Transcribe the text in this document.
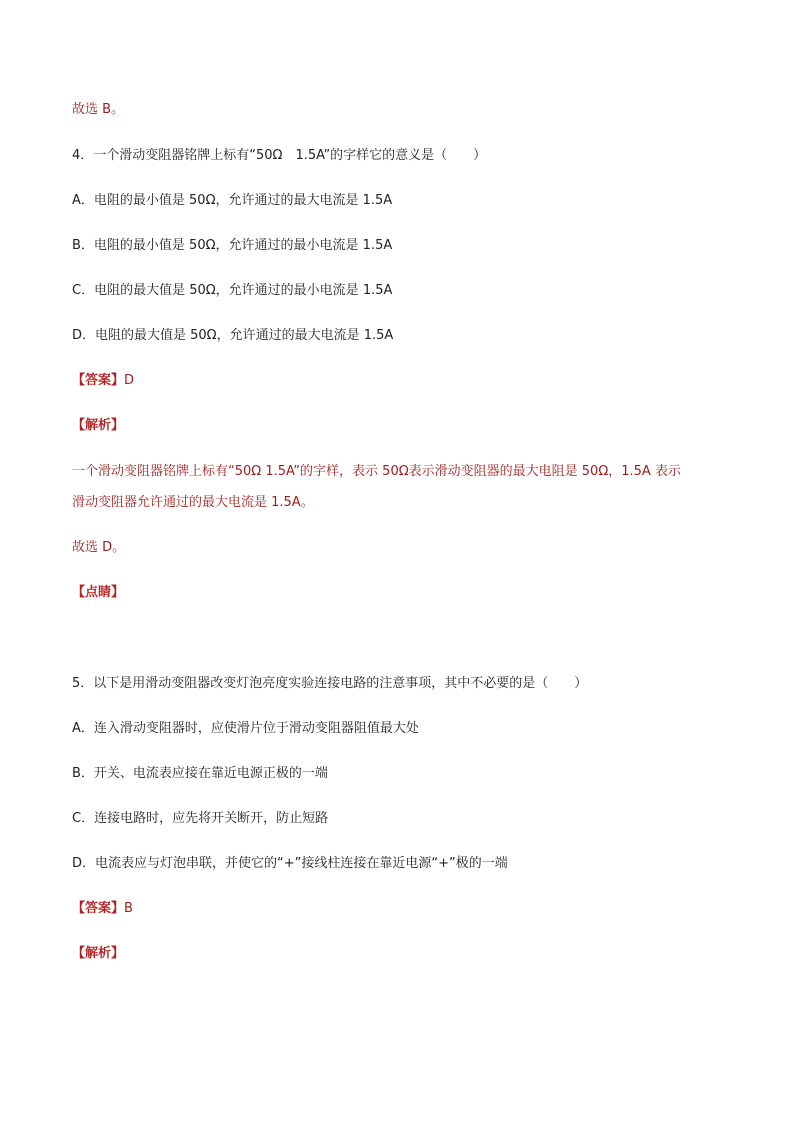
故选 B。
4．一个滑动变阻器铭牌上标有“50Ω　1.5A”的字样它的意义是（　　）
A．电阻的最小值是 50Ω，允许通过的最大电流是 1.5A
B．电阻的最小值是 50Ω，允许通过的最小电流是 1.5A
C．电阻的最大值是 50Ω，允许通过的最小电流是 1.5A
D．电阻的最大值是 50Ω，允许通过的最大电流是 1.5A
【答案】D
【解析】
一个滑动变阻器铭牌上标有“50Ω 1.5A”的字样，表示 50Ω表示滑动变阻器的最大电阻是 50Ω，1.5A 表示
滑动变阻器允许通过的最大电流是 1.5A。
故选 D。
【点睛】
5．以下是用滑动变阻器改变灯泡亮度实验连接电路的注意事项，其中不必要的是（　　）
A．连入滑动变阻器时，应使滑片位于滑动变阻器阻值最大处
B．开关、电流表应接在靠近电源正极的一端
C．连接电路时，应先将开关断开，防止短路
D．电流表应与灯泡串联，并使它的“+”接线柱连接在靠近电源“+”极的一端
【答案】B
【解析】
